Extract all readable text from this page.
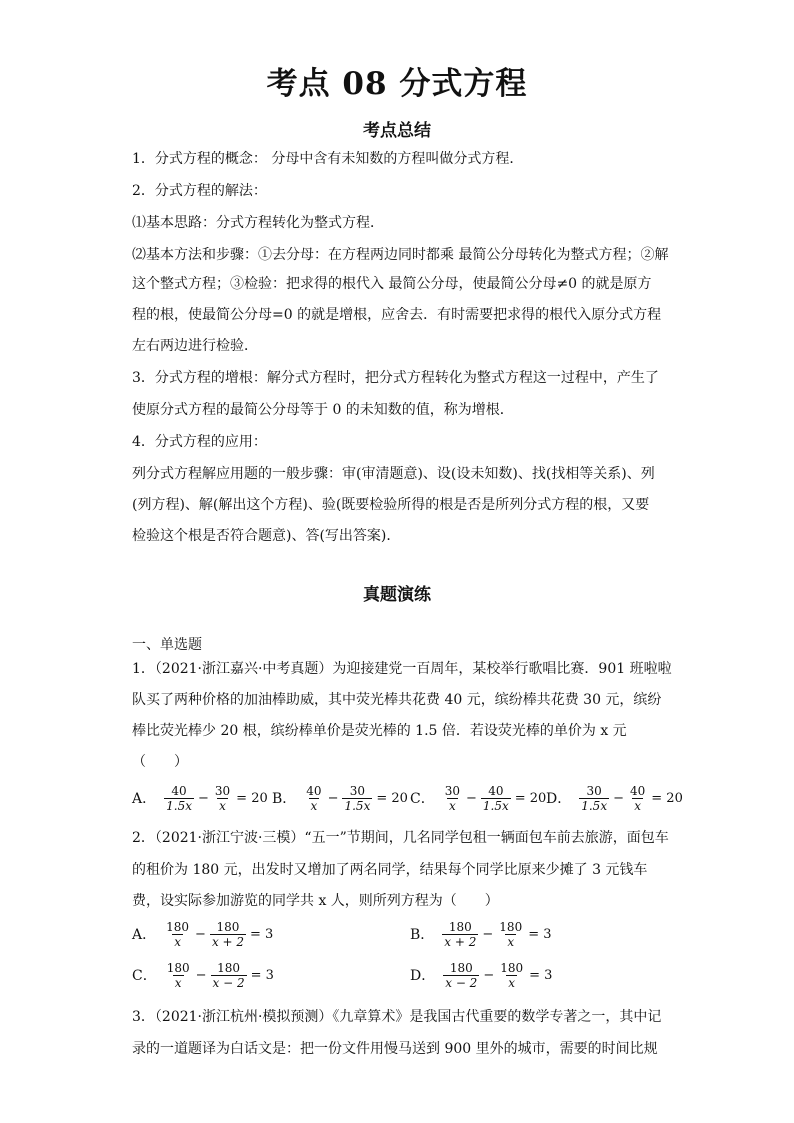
考点 08 分式方程
考点总结
1．分式方程的概念： 分母中含有未知数的方程叫做分式方程．
2．分式方程的解法：
⑴基本思路：分式方程转化为整式方程．
⑵基本方法和步骤：①去分母：在方程两边同时都乘 最简公分母转化为整式方程；②解
这个整式方程；③检验：把求得的根代入 最简公分母，使最简公分母≠0 的就是原方
程的根，使最简公分母=0 的就是增根，应舍去．有时需要把求得的根代入原分式方程
左右两边进行检验．
3．分式方程的增根：解分式方程时，把分式方程转化为整式方程这一过程中，产生了
使原分式方程的最简公分母等于 0 的未知数的值，称为增根．
4．分式方程的应用：
列分式方程解应用题的一般步骤：审(审清题意)、设(设未知数)、找(找相等关系)、列
(列方程)、解(解出这个方程)、验(既要检验所得的根是否是所列分式方程的根，又要
检验这个根是否符合题意)、答(写出答案)．
真题演练
一、单选题
1．（2021·浙江嘉兴·中考真题）为迎接建党一百周年，某校举行歌唱比赛．901 班啦啦
队买了两种价格的加油棒助威，其中荧光棒共花费 40 元，缤纷棒共花费 30 元，缤纷
棒比荧光棒少 20 根，缤纷棒单价是荧光棒的 1.5 倍．若设荧光棒的单价为 x 元
（　　）
A． $\frac{40}{1.5x} - \frac{30}{x} = 20$ B． $\frac{40}{x} - \frac{30}{1.5x} = 20$ C． $\frac{30}{x} - \frac{40}{1.5x} = 20$ D． $\frac{30}{1.5x} - \frac{40}{x} = 20$
2．（2021·浙江宁波·三模）“五一”节期间，几名同学包租一辆面包车前去旅游，面包车
的租价为 180 元，出发时又增加了两名同学，结果每个同学比原来少摊了 3 元钱车
费，设实际参加游览的同学共 x 人，则所列方程为（　　）
A． $\frac{180}{x} - \frac{180}{x + 2} = 3$	B． $\frac{180}{x + 2} - \frac{180}{x} = 3$
C． $\frac{180}{x} - \frac{180}{x - 2} = 3$	D． $\frac{180}{x - 2} - \frac{180}{x} = 3$
3．（2021·浙江杭州·模拟预测）《九章算术》是我国古代重要的数学专著之一，其中记
录的一道题译为白话文是：把一份文件用慢马送到 900 里外的城市，需要的时间比规
